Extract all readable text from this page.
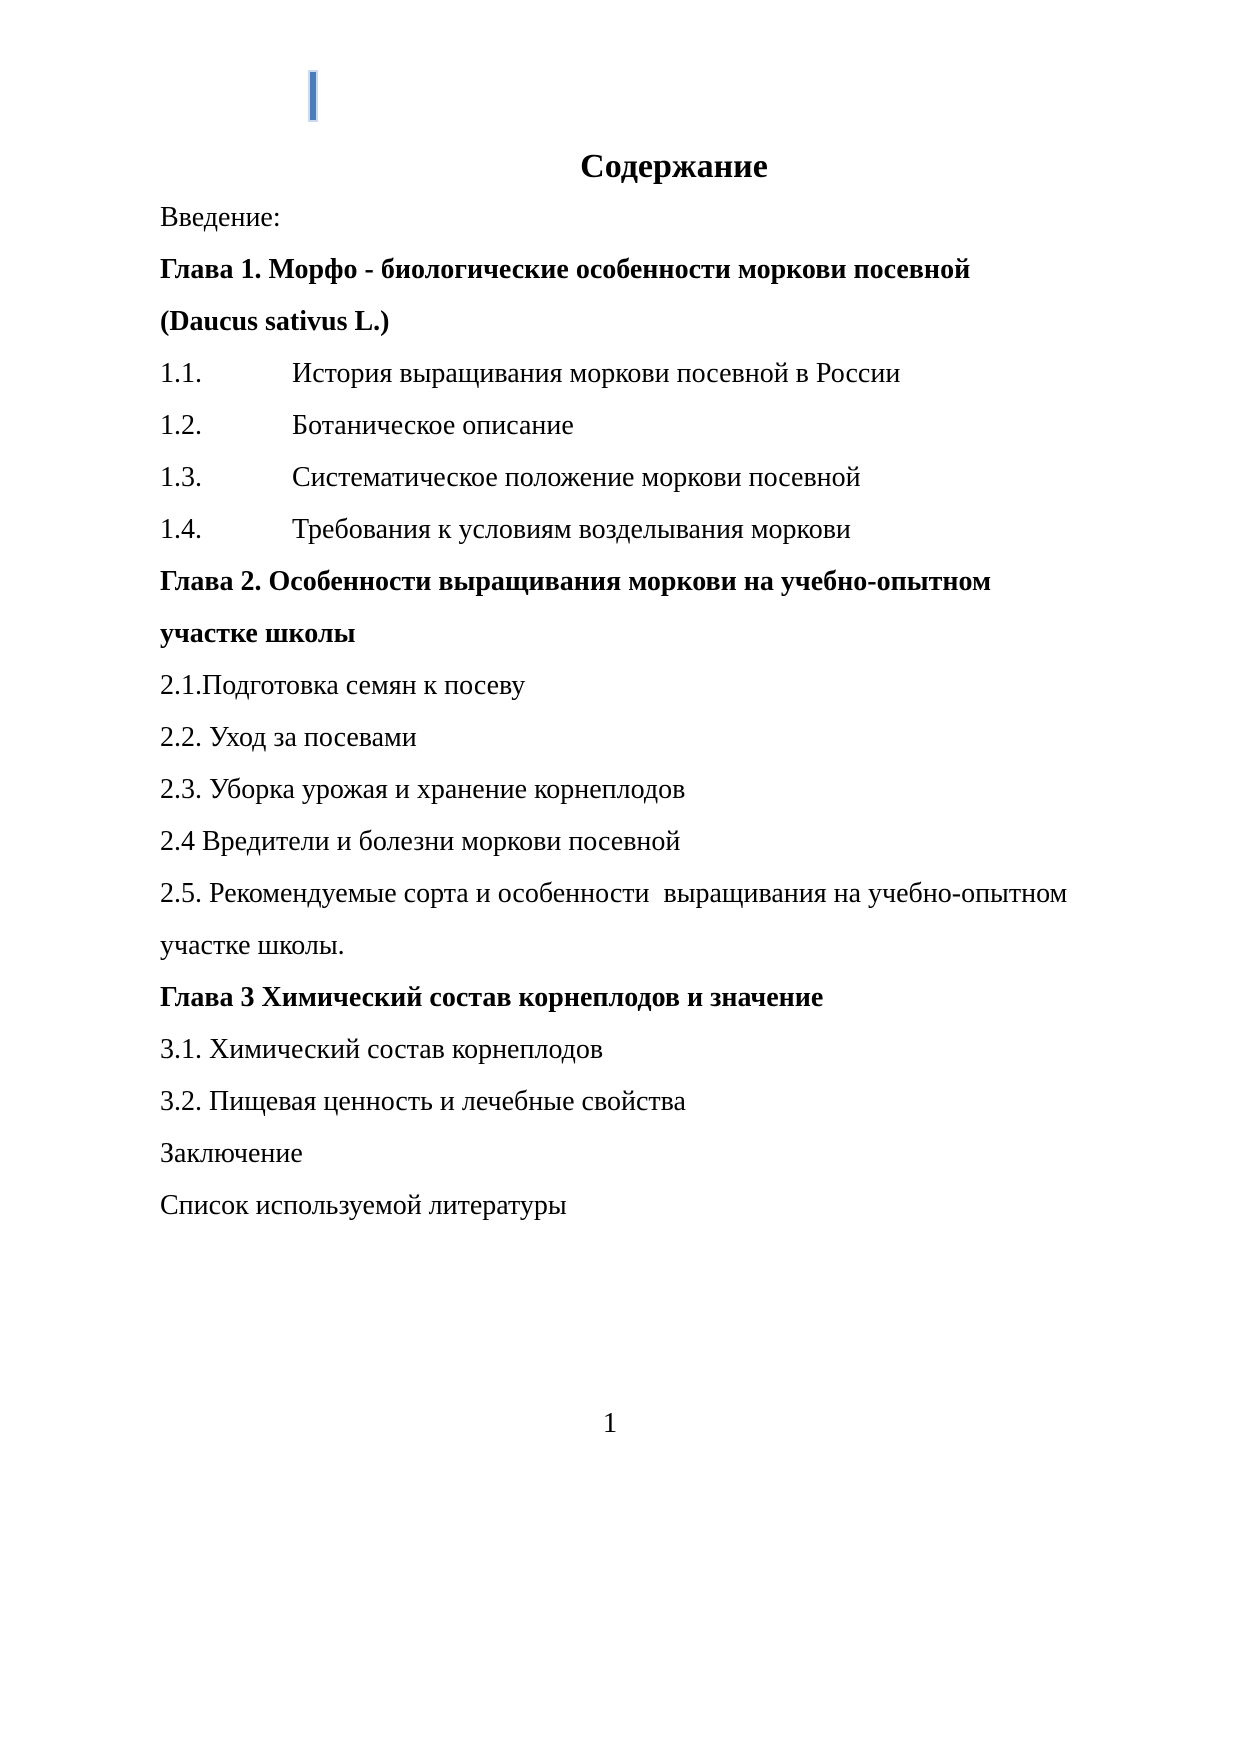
Содержание

Введение:

Глава 1. Морфо - биологические особенности моркови посевной

(Daucus sativus L.)

1.1.	История выращивания моркови посевной в России

1.2.	Ботаническое описание

1.3.	Систематическое положение моркови посевной

1.4.	Требования к условиям возделывания моркови

Глава 2. Особенности выращивания моркови на учебно-опытном

участке школы

2.1.Подготовка семян к посеву

2.2. Уход за посевами

2.3. Уборка урожая и хранение корнеплодов

2.4 Вредители и болезни моркови посевной

2.5. Рекомендуемые сорта и особенности  выращивания на учебно-опытном

участке школы.

Глава 3 Химический состав корнеплодов и значение

3.1. Химический состав корнеплодов

3.2. Пищевая ценность и лечебные свойства

Заключение

Список используемой литературы

1
